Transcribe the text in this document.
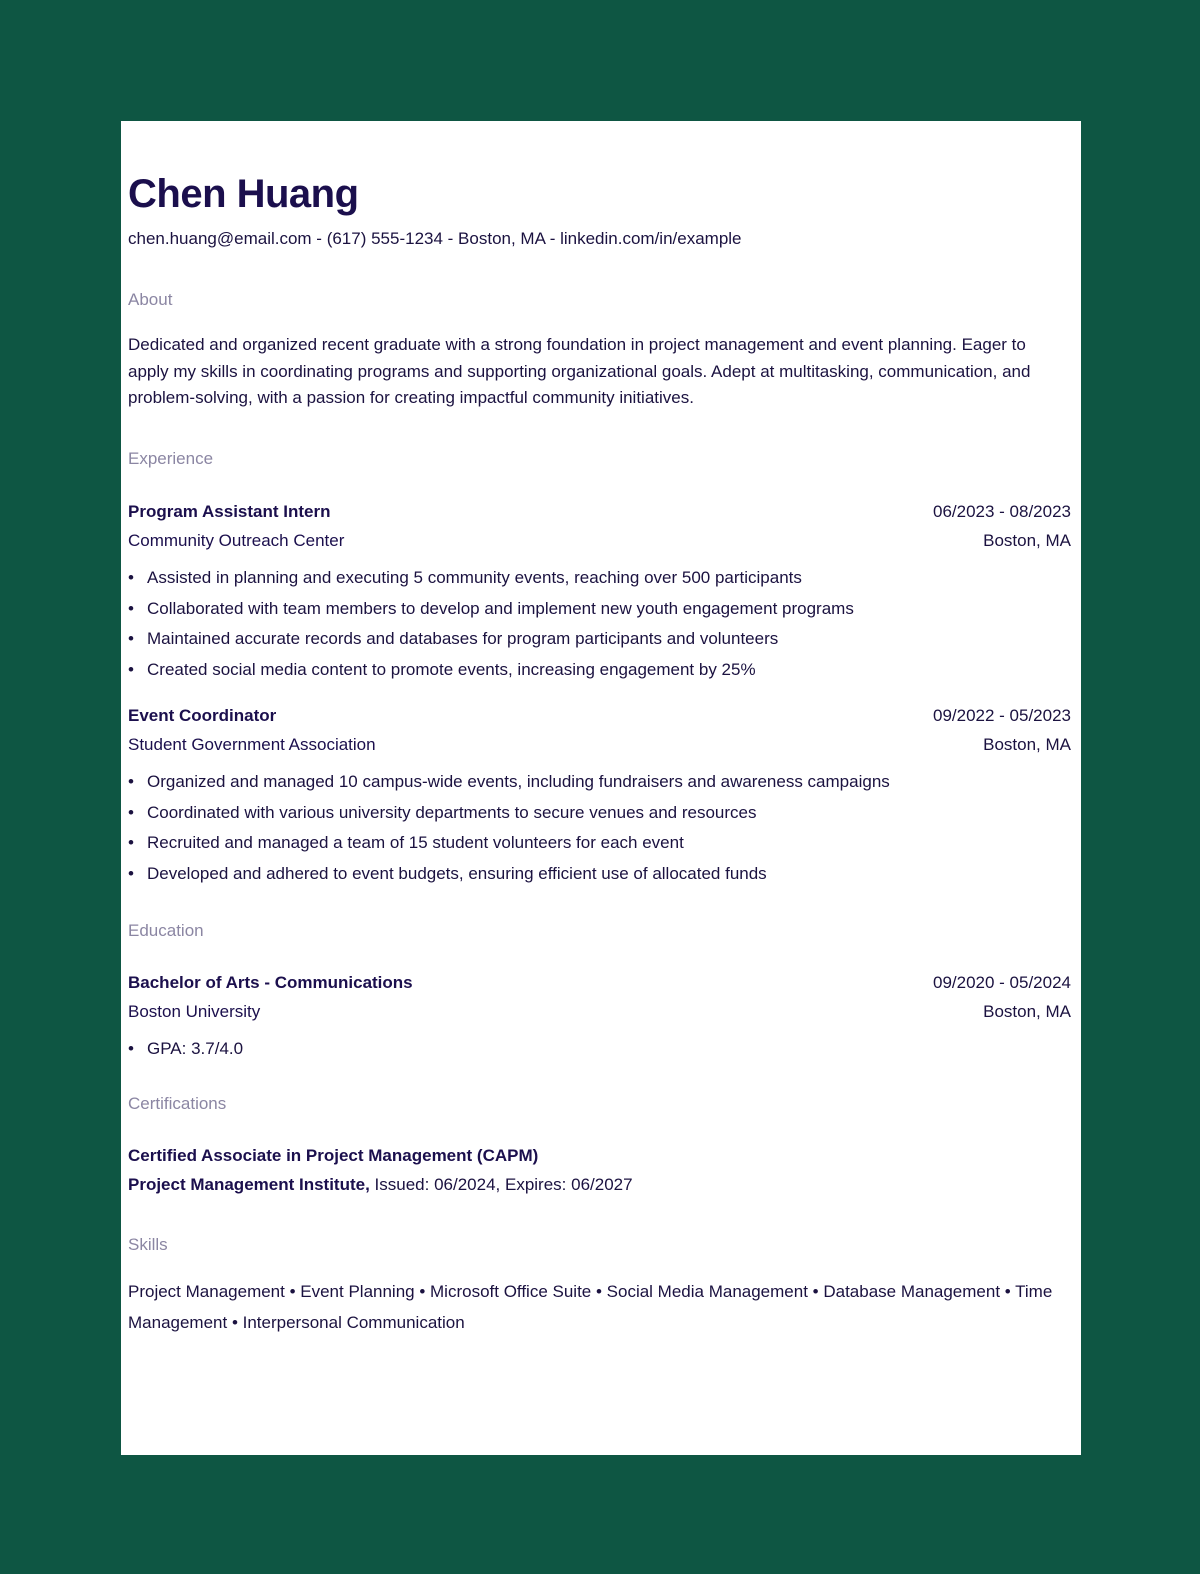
Chen Huang
chen.huang@email.com - (617) 555-1234 - Boston, MA - linkedin.com/in/example
About
Dedicated and organized recent graduate with a strong foundation in project management and event planning. Eager to apply my skills in coordinating programs and supporting organizational goals. Adept at multitasking, communication, and problem-solving, with a passion for creating impactful community initiatives.
Experience
Program Assistant Intern	06/2023 - 08/2023
Community Outreach Center	Boston, MA
• Assisted in planning and executing 5 community events, reaching over 500 participants
• Collaborated with team members to develop and implement new youth engagement programs
• Maintained accurate records and databases for program participants and volunteers
• Created social media content to promote events, increasing engagement by 25%
Event Coordinator	09/2022 - 05/2023
Student Government Association	Boston, MA
• Organized and managed 10 campus-wide events, including fundraisers and awareness campaigns
• Coordinated with various university departments to secure venues and resources
• Recruited and managed a team of 15 student volunteers for each event
• Developed and adhered to event budgets, ensuring efficient use of allocated funds
Education
Bachelor of Arts - Communications	09/2020 - 05/2024
Boston University	Boston, MA
• GPA: 3.7/4.0
Certifications
Certified Associate in Project Management (CAPM)
Project Management Institute, Issued: 06/2024, Expires: 06/2027
Skills
Project Management • Event Planning • Microsoft Office Suite • Social Media Management • Database Management • Time Management • Interpersonal Communication
